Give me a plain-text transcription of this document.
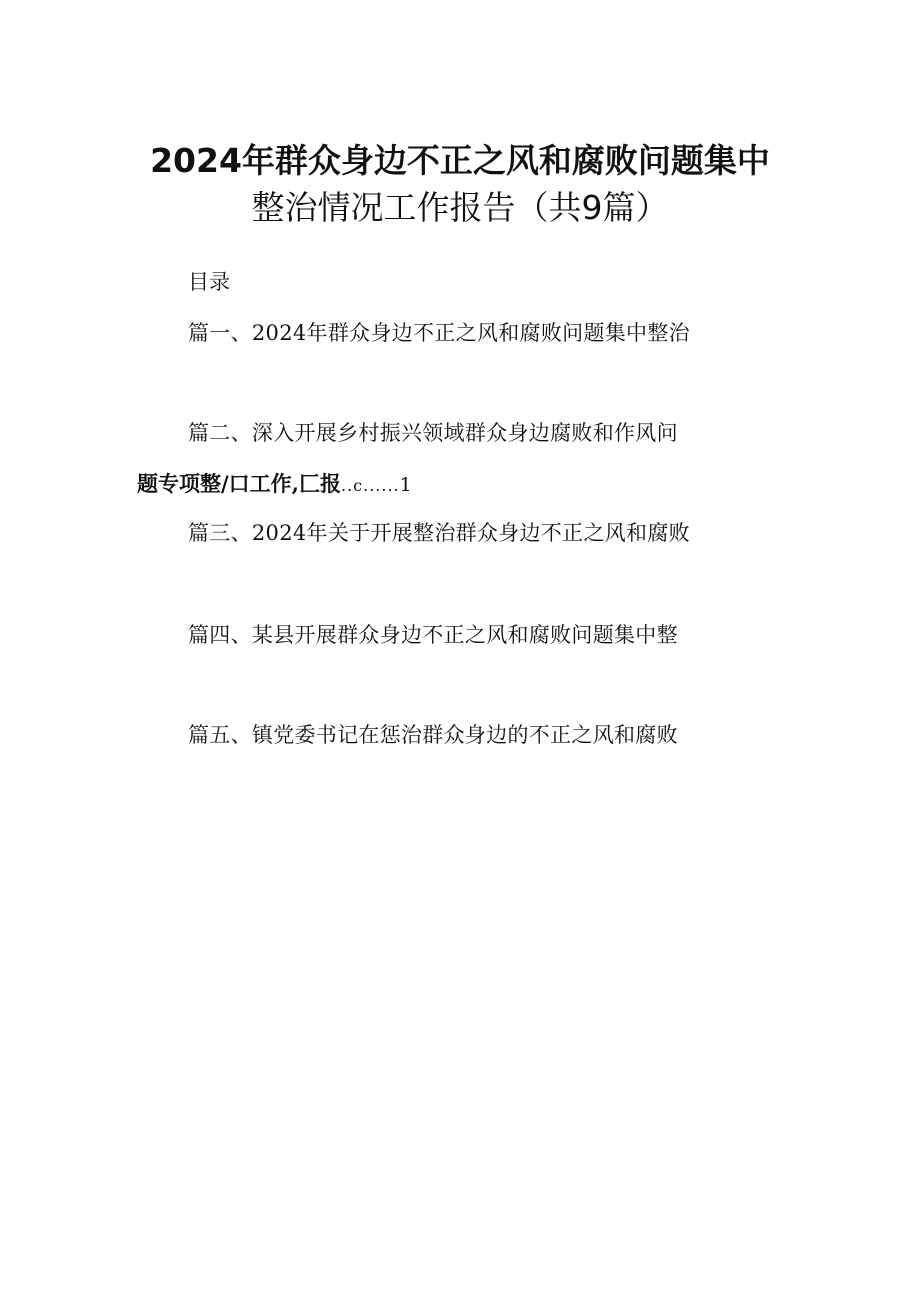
2024年群众身边不正之风和腐败问题集中
整治情况工作报告（共9篇）
目录
篇一、2024年群众身边不正之风和腐败问题集中整治
篇二、深入开展乡村振兴领域群众身边腐败和作风问
题专项整/口工作,匚报..c......1
篇三、2024年关于开展整治群众身边不正之风和腐败
篇四、某县开展群众身边不正之风和腐败问题集中整
篇五、镇党委书记在惩治群众身边的不正之风和腐败
